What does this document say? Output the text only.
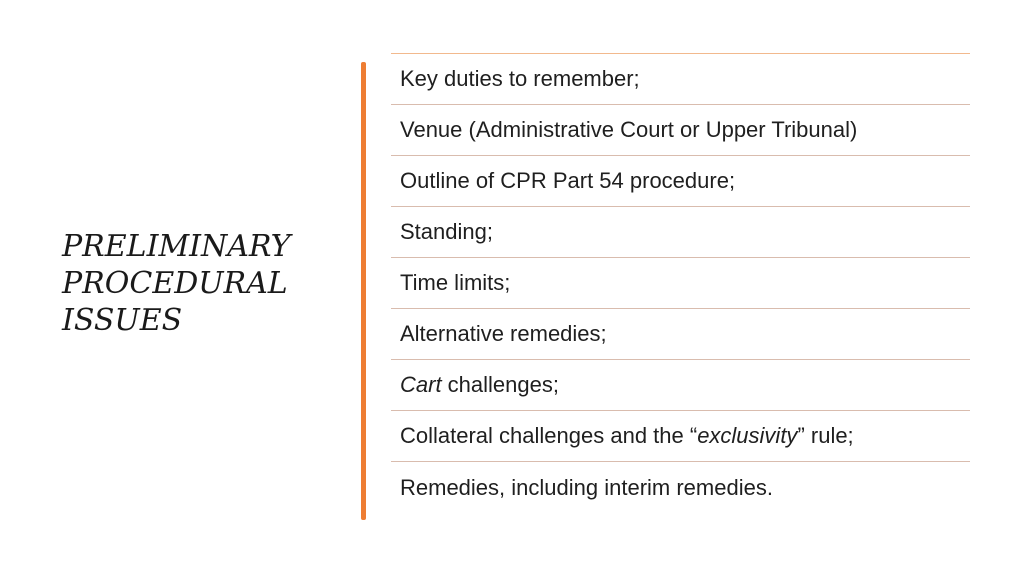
PRELIMINARY
PROCEDURAL
ISSUES
Key duties to remember;
Venue (Administrative Court or Upper Tribunal)
Outline of CPR Part 54 procedure;
Standing;
Time limits;
Alternative remedies;
Cart challenges;
Collateral challenges and the “ exclusivity ” rule;
Remedies, including interim remedies.
